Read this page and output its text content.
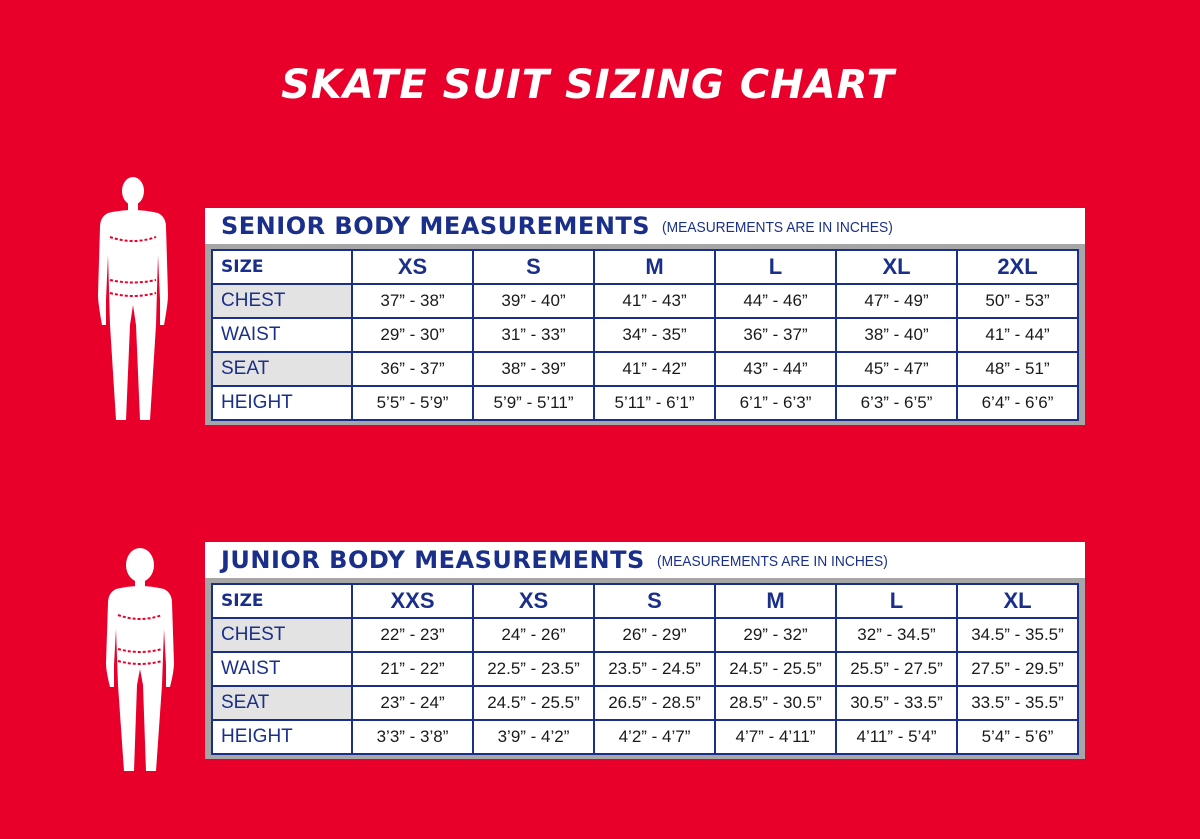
SKATE SUIT SIZING CHART
SENIOR BODY MEASUREMENTS (MEASUREMENTS ARE IN INCHES)
SIZE	XS	S	M	L	XL	2XL
CHEST	37” - 38”	39” - 40”	41” - 43”	44” - 46”	47” - 49”	50” - 53”
WAIST	29” - 30”	31” - 33”	34” - 35”	36” - 37”	38” - 40”	41” - 44”
SEAT	36” - 37”	38” - 39”	41” - 42”	43” - 44”	45” - 47”	48” - 51”
HEIGHT	5’5” - 5’9”	5’9” - 5’11”	5’11” - 6’1”	6’1” - 6’3”	6’3” - 6’5”	6’4” - 6’6”
JUNIOR BODY MEASUREMENTS (MEASUREMENTS ARE IN INCHES)
SIZE	XXS	XS	S	M	L	XL
CHEST	22” - 23”	24” - 26”	26” - 29”	29” - 32”	32” - 34.5”	34.5” - 35.5”
WAIST	21” - 22”	22.5” - 23.5”	23.5” - 24.5”	24.5” - 25.5”	25.5” - 27.5”	27.5” - 29.5”
SEAT	23” - 24”	24.5” - 25.5”	26.5” - 28.5”	28.5” - 30.5”	30.5” - 33.5”	33.5” - 35.5”
HEIGHT	3’3” - 3’8”	3’9” - 4’2”	4’2” - 4’7”	4’7” - 4’11”	4’11” - 5’4”	5’4” - 5’6”
